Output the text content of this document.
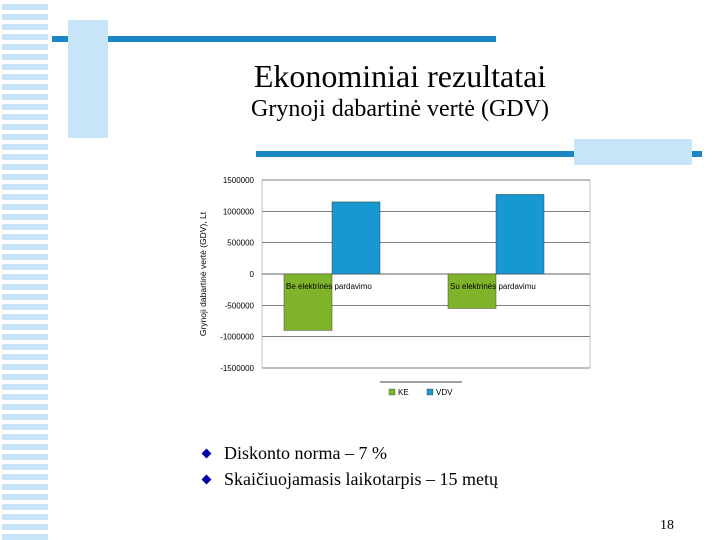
Ekonominiai rezultatai
Grynoji dabartinė vertė (GDV)
Grynoji dabartinė vertė (GDV), Lt
1500000
1000000
500000
0
-500000
-1000000
-1500000
Be elektrinės pardavimo	Su elektrinės pardavimu
KE	VDV
Diskonto norma – 7 %
Skaičiuojamasis laikotarpis – 15 metų
18
